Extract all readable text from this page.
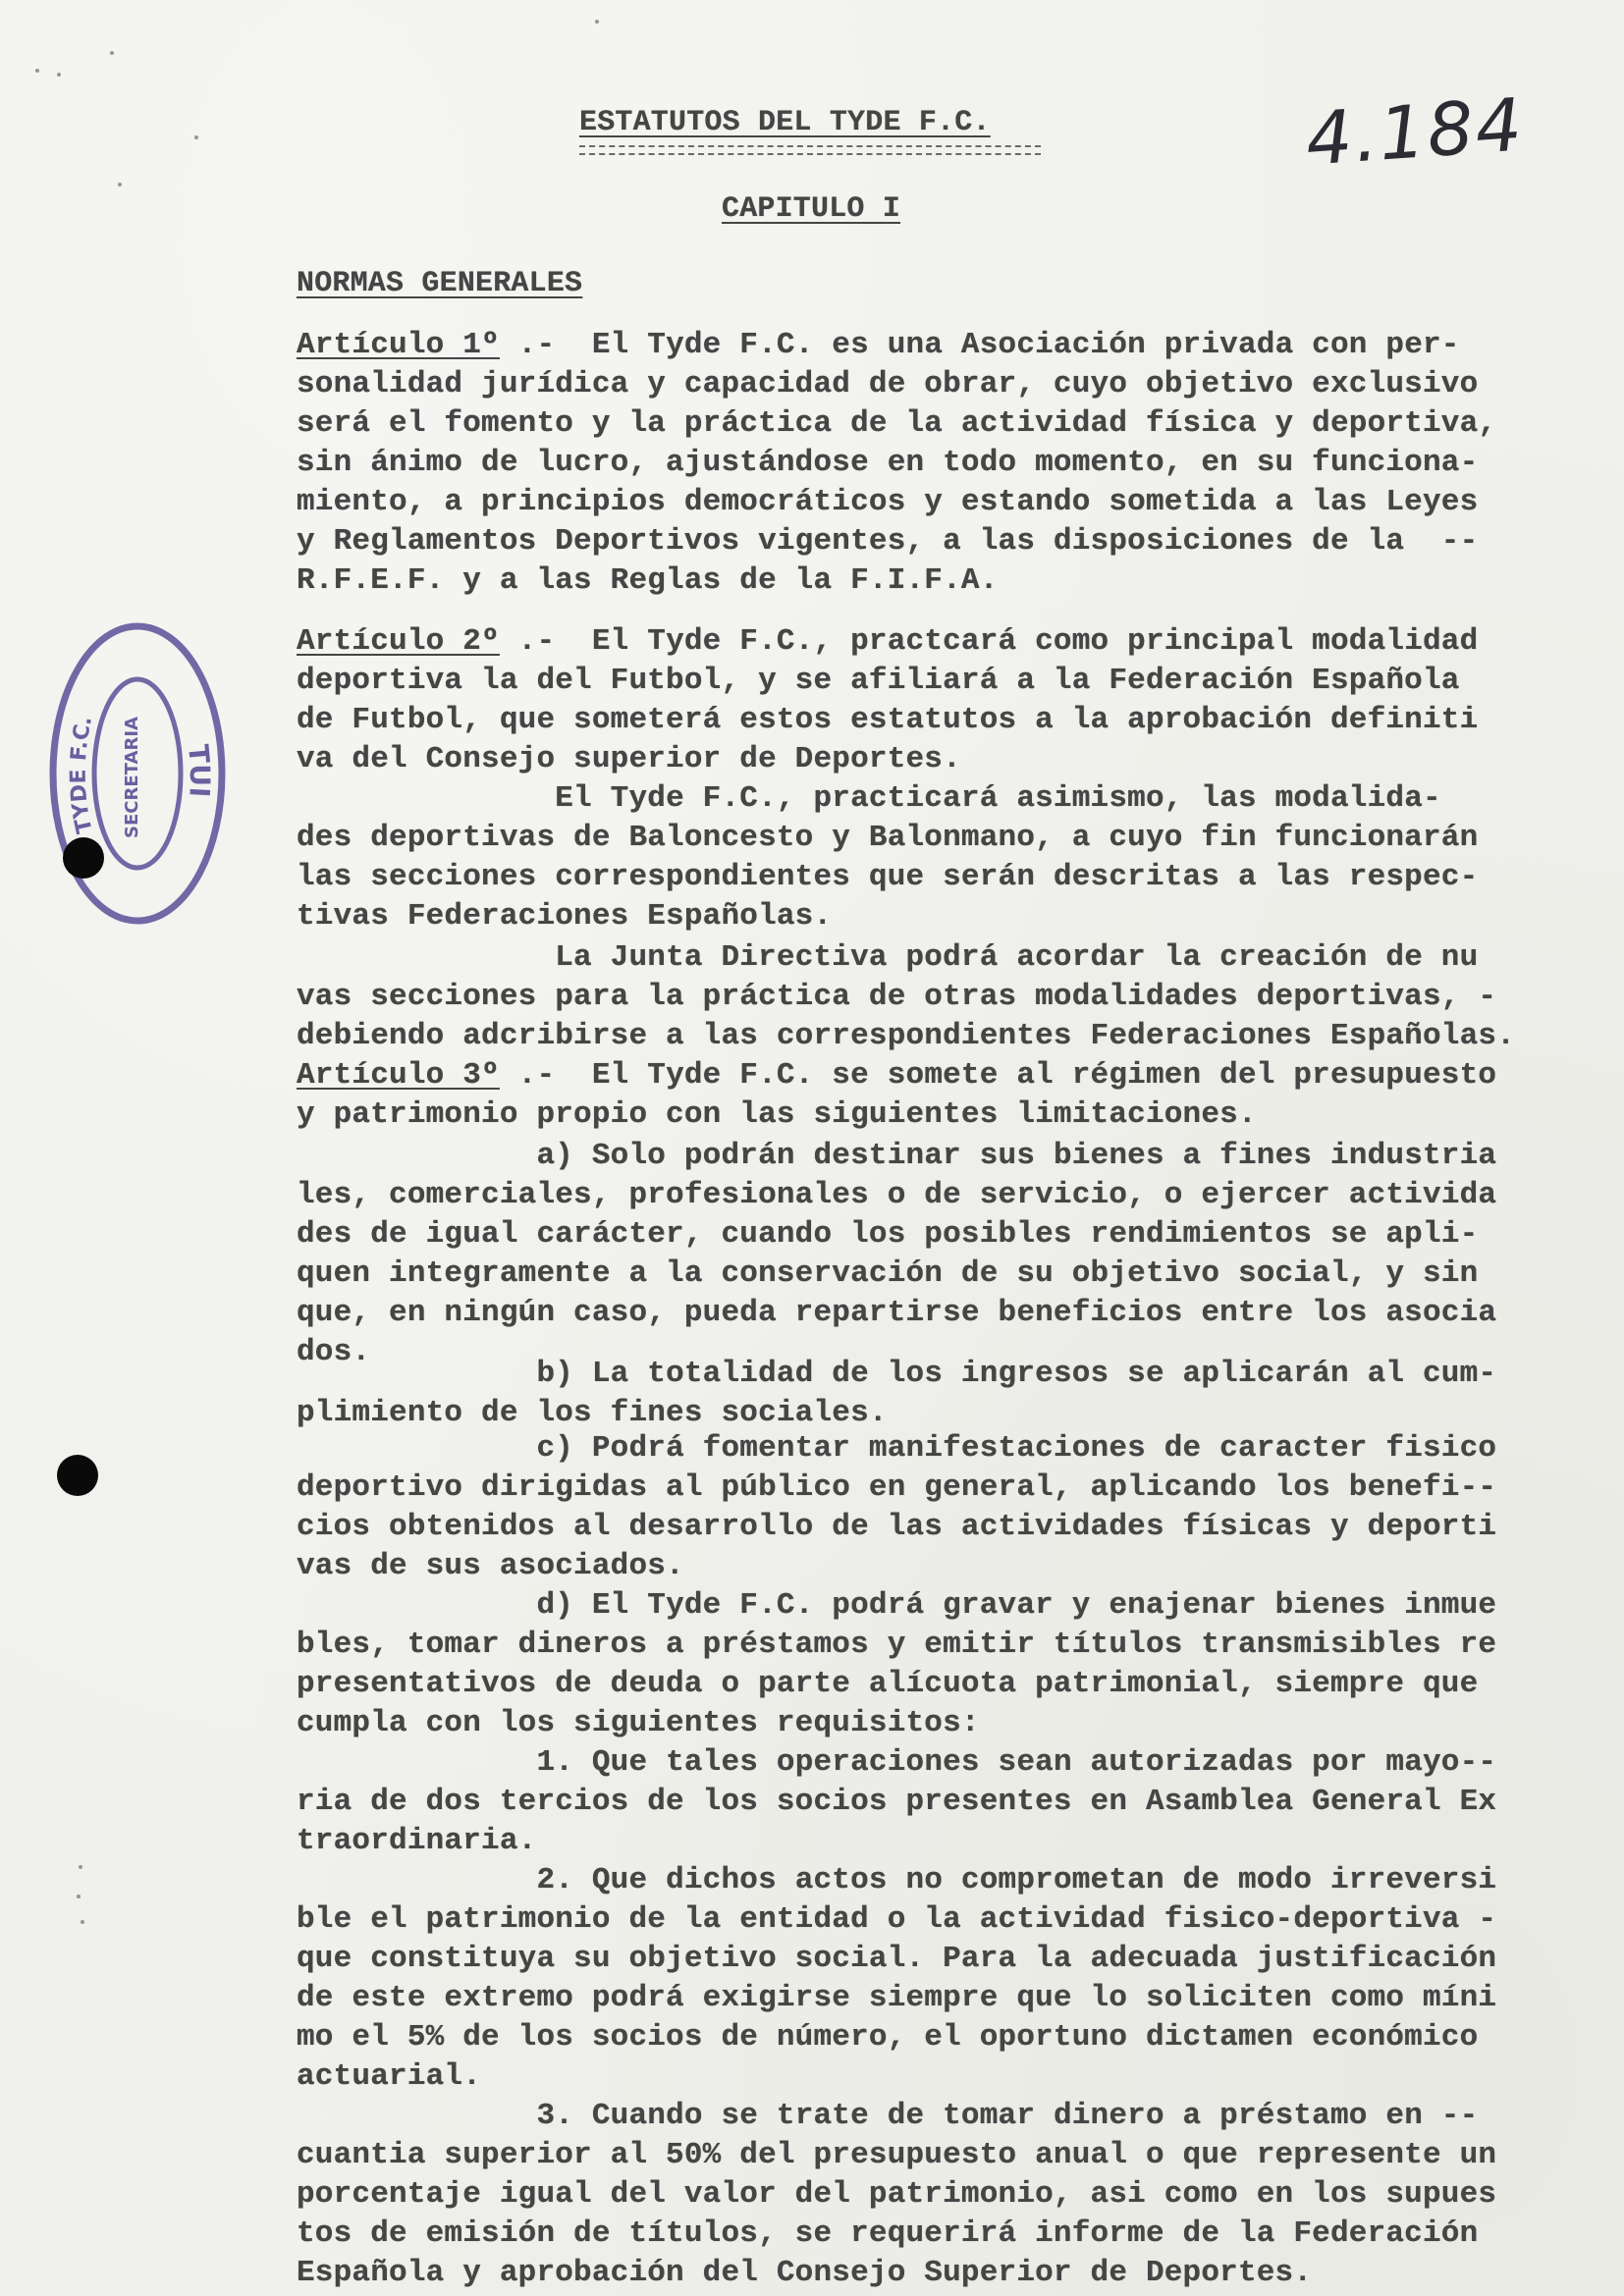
ESTATUTOS DEL TYDE F.C.
CAPITULO I
4.184
NORMAS GENERALES
TYDE F.C.
TUI
SECRETARIA
Artículo 1º .-  El Tyde F.C. es una Asociación privada con per-
sonalidad jurídica y capacidad de obrar, cuyo objetivo exclusivo
será el fomento y la práctica de la actividad física y deportiva,
sin ánimo de lucro, ajustándose en todo momento, en su funciona-
miento, a principios democráticos y estando sometida a las Leyes
y Reglamentos Deportivos vigentes, a las disposiciones de la  --
R.F.E.F. y a las Reglas de la F.I.F.A.
Artículo 2º .-  El Tyde F.C., practcará como principal modalidad
deportiva la del Futbol, y se afiliará a la Federación Española
de Futbol, que someterá estos estatutos a la aprobación definiti
va del Consejo superior de Deportes.
El Tyde F.C., practicará asimismo, las modalida-
des deportivas de Baloncesto y Balonmano, a cuyo fin funcionarán
las secciones correspondientes que serán descritas a las respec-
tivas Federaciones Españolas.
La Junta Directiva podrá acordar la creación de nu
vas secciones para la práctica de otras modalidades deportivas, -
debiendo adcribirse a las correspondientes Federaciones Españolas.
Artículo 3º .-  El Tyde F.C. se somete al régimen del presupuesto
y patrimonio propio con las siguientes limitaciones.
a) Solo podrán destinar sus bienes a fines industria
les, comerciales, profesionales o de servicio, o ejercer activida
des de igual carácter, cuando los posibles rendimientos se apli-
quen integramente a la conservación de su objetivo social, y sin
que, en ningún caso, pueda repartirse beneficios entre los asocia
dos.
b) La totalidad de los ingresos se aplicarán al cum-
plimiento de los fines sociales.
c) Podrá fomentar manifestaciones de caracter fisico
deportivo dirigidas al público en general, aplicando los benefi--
cios obtenidos al desarrollo de las actividades físicas y deporti
vas de sus asociados.
d) El Tyde F.C. podrá gravar y enajenar bienes inmue
bles, tomar dineros a préstamos y emitir títulos transmisibles re
presentativos de deuda o parte alícuota patrimonial, siempre que
cumpla con los siguientes requisitos:
1. Que tales operaciones sean autorizadas por mayo--
ria de dos tercios de los socios presentes en Asamblea General Ex
traordinaria.
2. Que dichos actos no comprometan de modo irreversi
ble el patrimonio de la entidad o la actividad fisico-deportiva -
que constituya su objetivo social. Para la adecuada justificación
de este extremo podrá exigirse siempre que lo soliciten como míni
mo el 5% de los socios de número, el oportuno dictamen económico
actuarial.
3. Cuando se trate de tomar dinero a préstamo en --
cuantia superior al 50% del presupuesto anual o que represente un
porcentaje igual del valor del patrimonio, asi como en los supues
tos de emisión de títulos, se requerirá informe de la Federación
Española y aprobación del Consejo Superior de Deportes.
